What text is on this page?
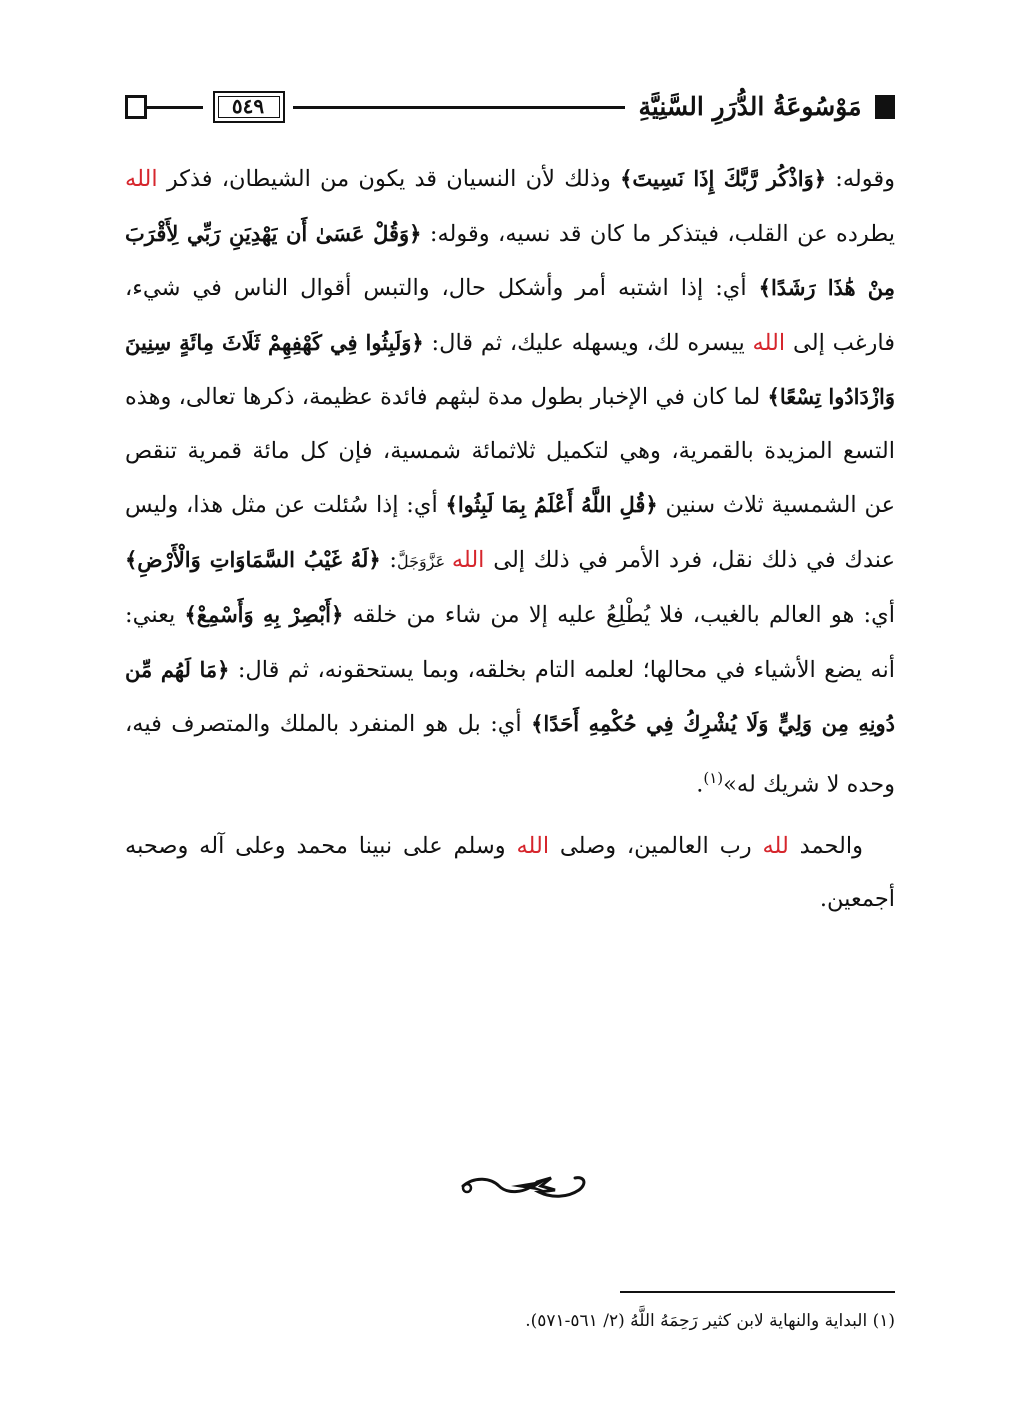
٥٤٩	مَوْسُوعَةُ الدُّرَرِ السَّنِيَّةِ

وقوله: ﴿وَاذْكُر رَّبَّكَ إِذَا نَسِيتَ﴾ وذلك لأن النسيان قد يكون من الشيطان، فذكر الله يطرده عن القلب، فيتذكر ما كان قد نسيه، وقوله: ﴿وَقُلْ عَسَىٰ أَن يَهْدِيَنِ رَبِّي لِأَقْرَبَ مِنْ هَٰذَا رَشَدًا﴾ أي: إذا اشتبه أمر وأشكل حال، والتبس أقوال الناس في شيء، فارغب إلى الله ييسره لك، ويسهله عليك، ثم قال: ﴿وَلَبِثُوا فِي كَهْفِهِمْ ثَلَاثَ مِائَةٍ سِنِينَ وَازْدَادُوا تِسْعًا﴾ لما كان في الإخبار بطول مدة لبثهم فائدة عظيمة، ذكرها تعالى، وهذه التسع المزيدة بالقمرية، وهي لتكميل ثلاثمائة شمسية، فإن كل مائة قمرية تنقص عن الشمسية ثلاث سنين ﴿قُلِ اللَّهُ أَعْلَمُ بِمَا لَبِثُوا﴾ أي: إذا سُئلت عن مثل هذا، وليس عندك في ذلك نقل، فرد الأمر في ذلك إلى الله عَزَّوَجَلَّ: ﴿لَهُ غَيْبُ السَّمَاوَاتِ وَالْأَرْضِ﴾ أي: هو العالم بالغيب، فلا يُطْلِعُ عليه إلا من شاء من خلقه ﴿أَبْصِرْ بِهِ وَأَسْمِعْ﴾ يعني: أنه يضع الأشياء في محالها؛ لعلمه التام بخلقه، وبما يستحقونه، ثم قال: ﴿مَا لَهُم مِّن دُونِهِ مِن وَلِيٍّ وَلَا يُشْرِكُ فِي حُكْمِهِ أَحَدًا﴾ أي: بل هو المنفرد بالملك والمتصرف فيه، وحده لا شريك له»$^{(١)}$.

والحمد لله رب العالمين، وصلى الله وسلم على نبينا محمد وعلى آله وصحبه أجمعين.

(١) البداية والنهاية لابن كثير رَحِمَهُ اللَّهُ (٢/ ٥٦١-٥٧١).
